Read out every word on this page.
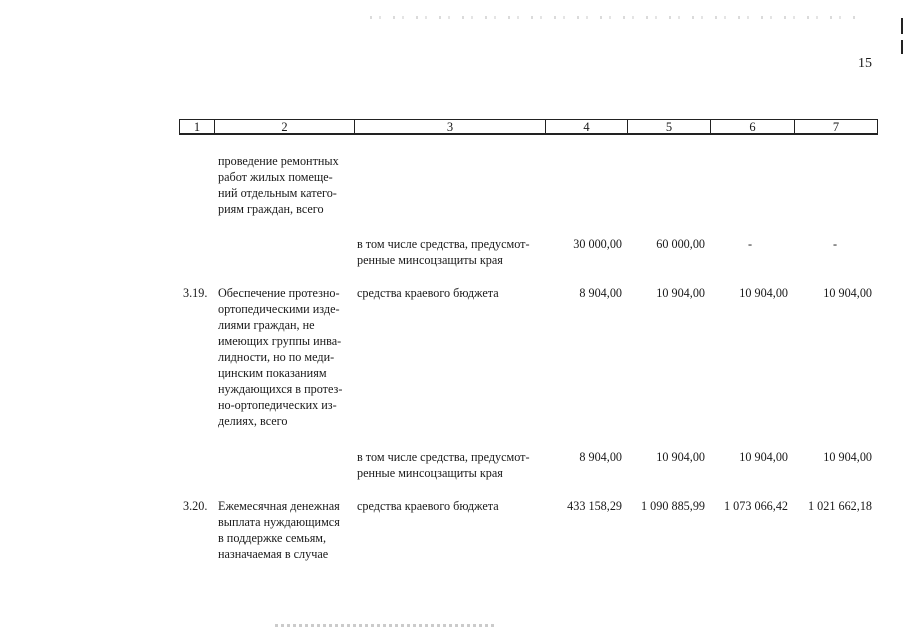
15
1	2	3	4	5	6	7
проведение ремонтных
работ жилых помеще-
ний отдельным катего-
риям граждан, всего
в том числе средства, предусмот-
ренные минсоцзащиты края
30 000,00	60 000,00	-	-
3.19. Обеспечение протезно-
ортопедическими изде-
лиями граждан, не
имеющих группы инва-
лидности, но по меди-
цинским показаниям
нуждающихся в протез-
но-ортопедических из-
делиях, всего
средства краевого бюджета	8 904,00	10 904,00	10 904,00	10 904,00
в том числе средства, предусмот-
ренные минсоцзащиты края
8 904,00	10 904,00	10 904,00	10 904,00
3.20. Ежемесячная денежная
выплата нуждающимся
в поддержке семьям,
назначаемая в случае
средства краевого бюджета	433 158,29	1 090 885,99	1 073 066,42	1 021 662,18
